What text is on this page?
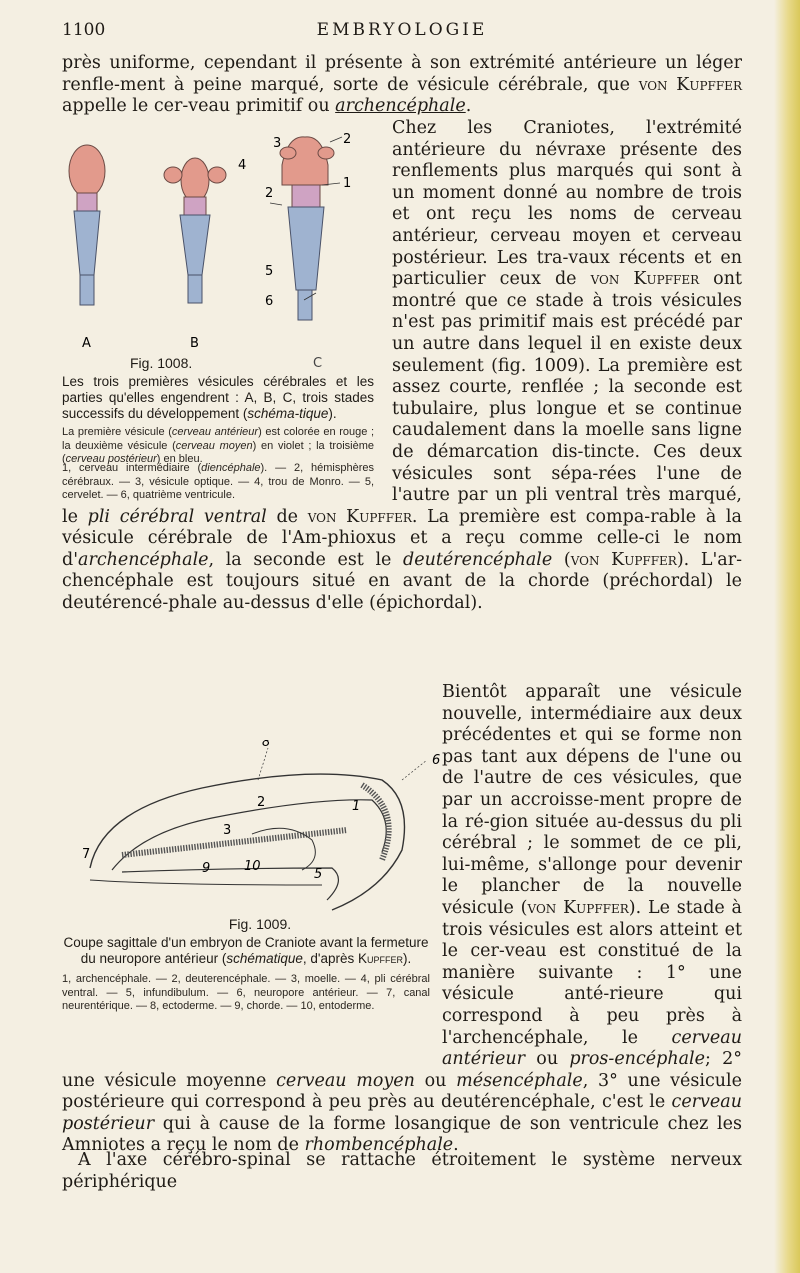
1100	EMBRYOLOGIE

près uniforme, cependant il présente à son extrémité antérieure un léger renfle-ment à peine marqué, sorte de vésicule cérébrale, que von Kupffer appelle le cer-veau primitif ou archencéphale.

A	B
2
1
3
4
2
5
6
Fig. 1008.	C

Les trois premières vésicules cérébrales et les parties qu'elles engendrent : A, B, C, trois stades successifs du développement (schéma-tique).

La première vésicule (cerveau antérieur) est colorée en rouge ; la deuxième vésicule (cerveau moyen) en violet ; la troisième (cerveau postérieur) en bleu.

1, cerveau intermédiaire (diencéphale). — 2, hémisphères cérébraux. — 3, vésicule optique. — 4, trou de Monro. — 5, cervelet. — 6, quatrième ventricule.

Chez les Craniotes, l'extrémité antérieure du névraxe présente des renflements plus marqués qui sont à un moment donné au nombre de trois et ont reçu les noms de cerveau antérieur, cerveau moyen et cerveau postérieur. Les tra-vaux récents et en particulier ceux de von Kupffer ont montré que ce stade à trois vésicules n'est pas primitif mais est précédé par un autre dans lequel il en existe deux seulement (fig. 1009). La première est assez courte, renflée ; la seconde est tubulaire, plus longue et se continue caudalement dans la moelle sans ligne de démarcation dis-tincte. Ces deux vésicules sont sépa-rées l'une de l'autre par un pli ventral très marqué, le pli cérébral ventral de von Kupffer. La première est compa-rable à la vésicule cérébrale de l'Am-phioxus et a reçu comme celle-ci le nom d'archencéphale, la seconde est le deutérencéphale (von Kupffer). L'ar-chencéphale est toujours situé en avant de la chorde (préchordal) le deutérencé-phale au-dessus d'elle (épichordal).

8
6
2
3
1
7
9	10
5
Fig. 1009.

Coupe sagittale d'un embryon de Craniote avant la fermeture du neuropore antérieur (schématique, d'après Kupffer).

1, archencéphale. — 2, deuterencéphale. — 3, moelle. — 4, pli cérébral ventral. — 5, infundibulum. — 6, neuropore antérieur. — 7, canal neurentérique. — 8, ectoderme. — 9, chorde. — 10, entoderme.

Bientôt apparaît une vésicule nouvelle, intermédiaire aux deux précédentes et qui se forme non pas tant aux dépens de l'une ou de l'autre de ces vésicules, que par un accroisse-ment propre de la ré-gion située au-dessus du pli cérébral ; le sommet de ce pli, lui-même, s'allonge pour devenir le plancher de la nouvelle vésicule (von Kupffer). Le stade à trois vésicules est alors atteint et le cer-veau est constitué de la manière suivante : 1° une vésicule anté-rieure qui correspond à peu près à l'archencéphale, le cerveau antérieur ou pros-encéphale; 2° une vésicule moyenne cerveau moyen ou mésencéphale, 3° une vésicule postérieure qui correspond à peu près au deutérencéphale, c'est le cerveau postérieur qui à cause de la forme losangique de son ventricule chez les Amniotes a reçu le nom de rhombencéphale.

A l'axe cérébro-spinal se rattache étroitement le système nerveux périphérique
